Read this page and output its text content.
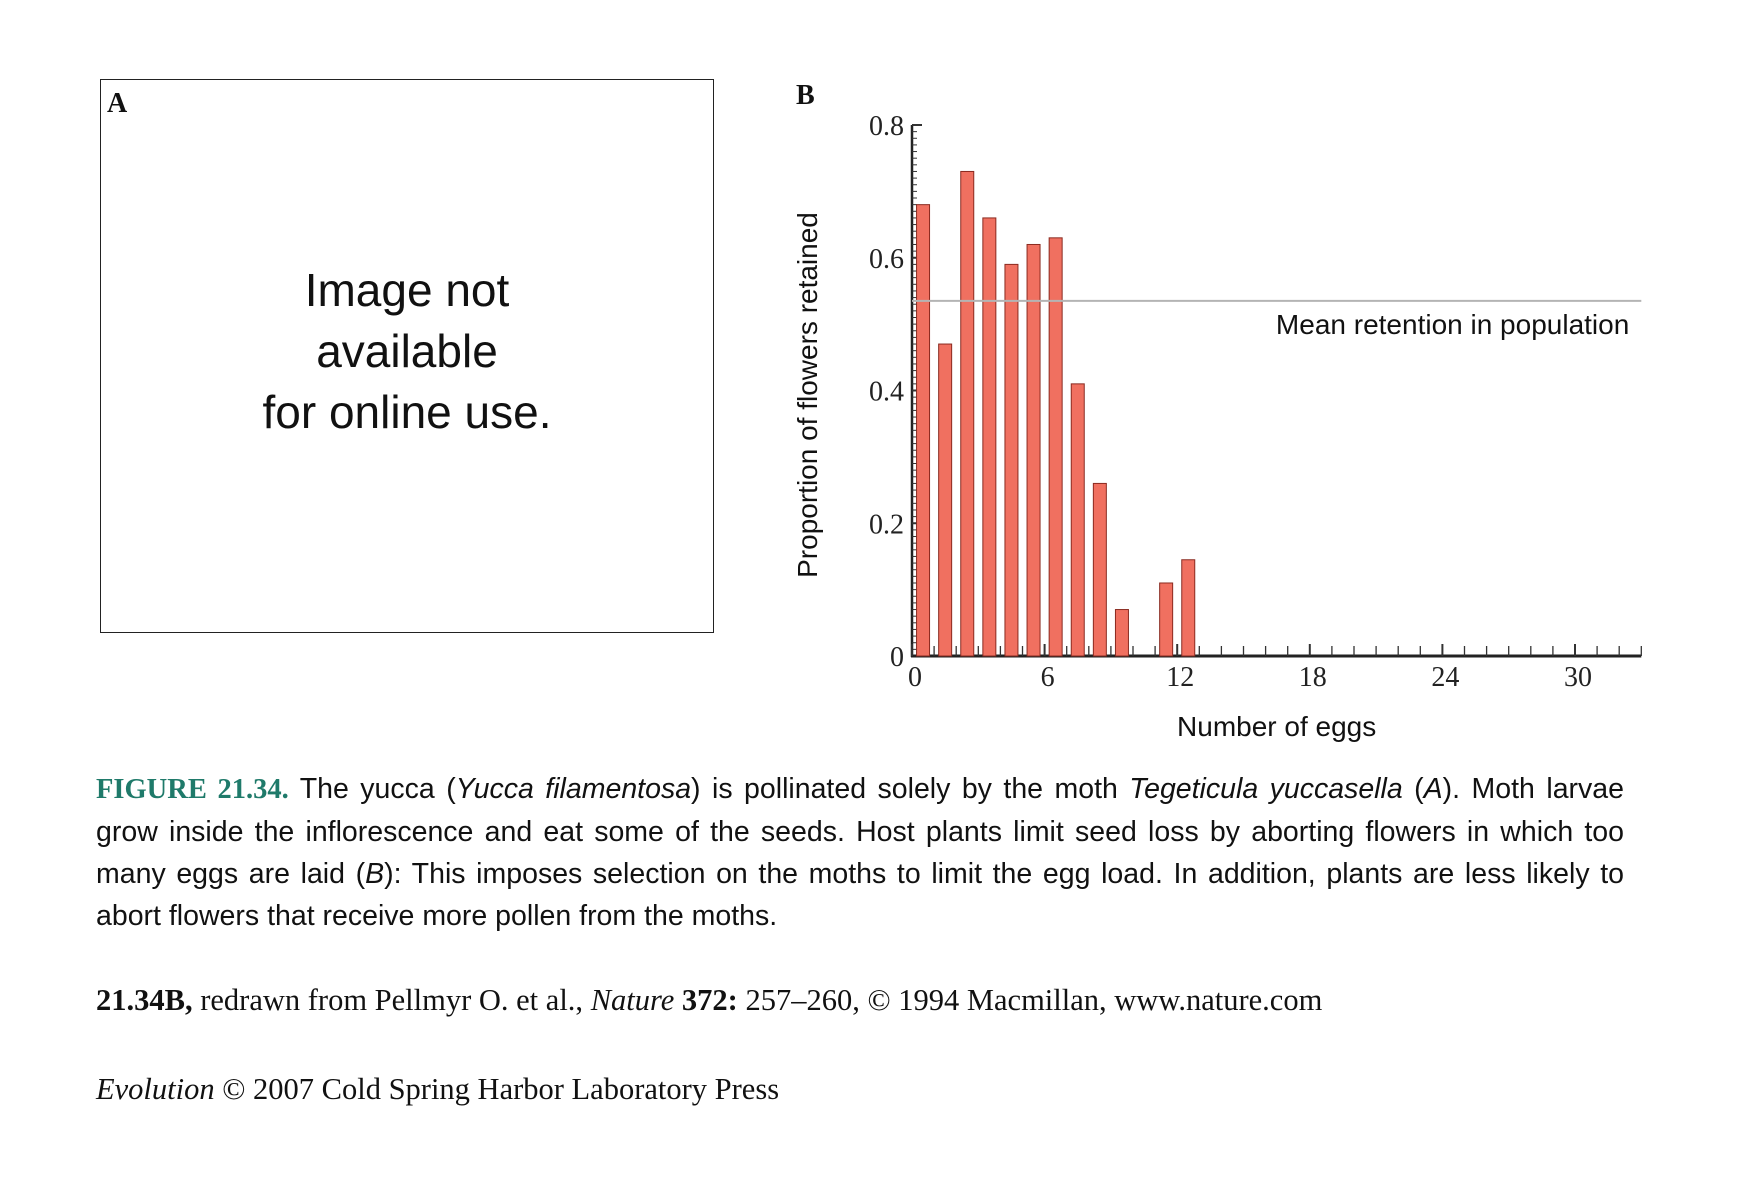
A
Image not
available
for online use.
B
0
0.2
0.4
0.6
0.8
0	6	12	18	24	30
Mean retention in population
Number of eggs
Proportion of flowers retained
FIGURE 21.34. The yucca (Yucca filamentosa) is pollinated solely by the moth Tegeticula yuccasella (A). Moth larvae grow inside the inflorescence and eat some of the seeds. Host plants limit seed loss by aborting flowers in which too many eggs are laid (B): This imposes selection on the moths to limit the egg load. In addition, plants are less likely to abort flowers that receive more pollen from the moths.
21.34B, redrawn from Pellmyr O. et al., Nature 372: 257–260, © 1994 Macmillan, www.nature.com
Evolution © 2007 Cold Spring Harbor Laboratory Press
